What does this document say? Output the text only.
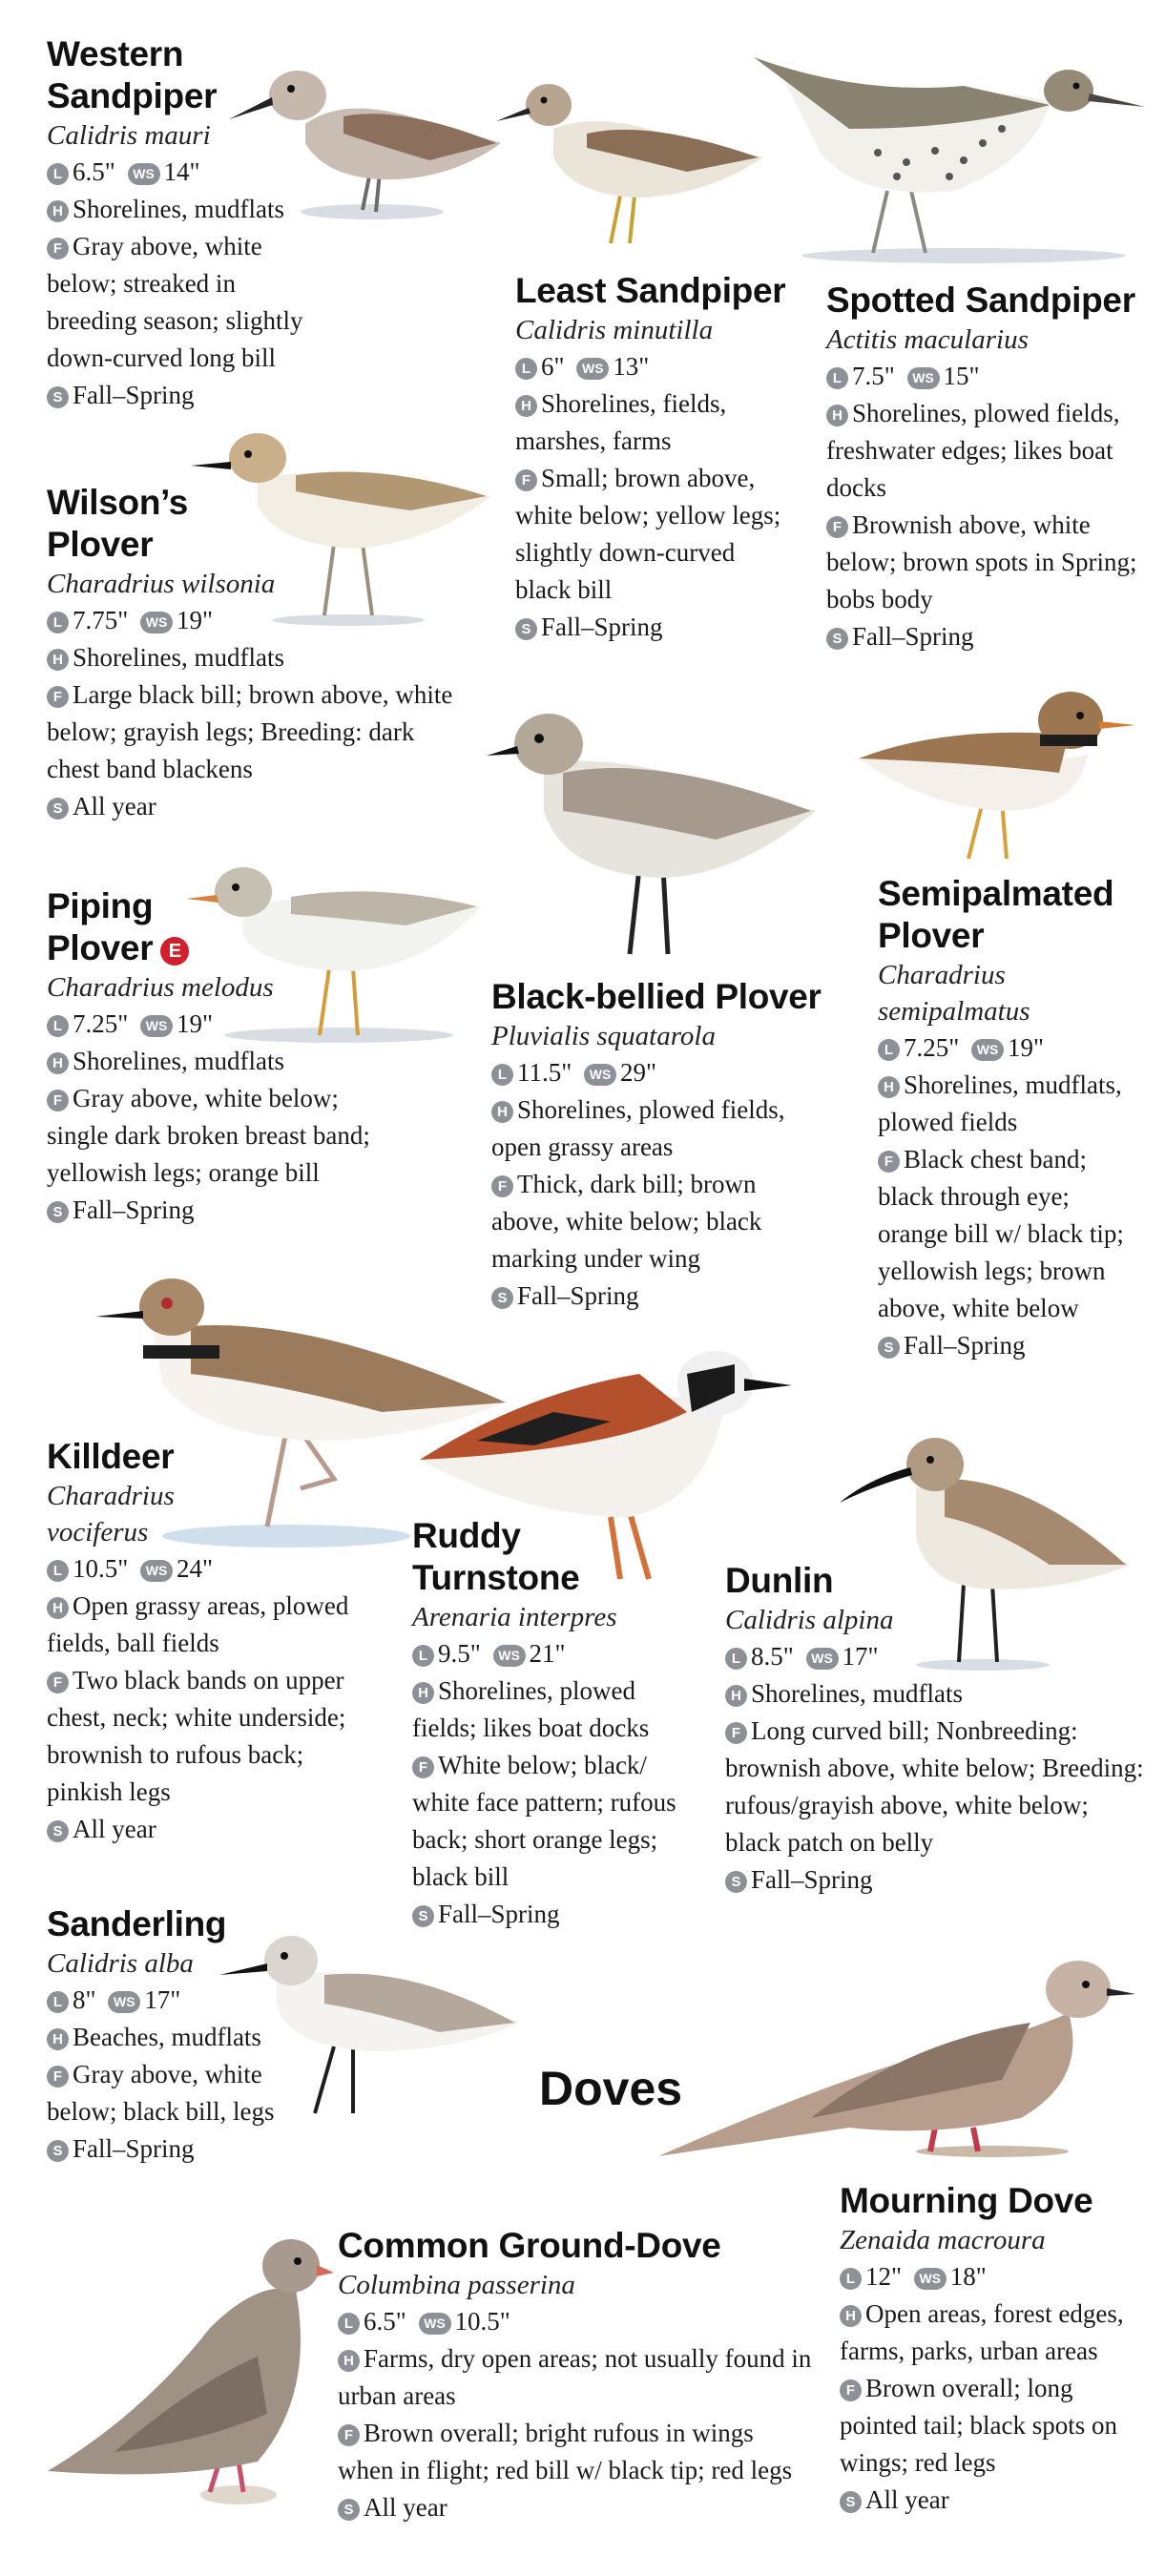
Doves
Western Sandpiper
Calidris mauri
L 6.5" WS 14"
H Shorelines, mudflats
F Gray above, white below; streaked in breeding season; slightly down-curved long bill
S Fall–Spring
Least Sandpiper
Calidris minutilla
L 6" WS 13"
H Shorelines, fields, marshes, farms
F Small; brown above, white below; yellow legs; slightly down-curved black bill
S Fall–Spring
Spotted Sandpiper
Actitis macularius
L 7.5" WS 15"
H Shorelines, plowed fields, freshwater edges; likes boat docks
F Brownish above, white below; brown spots in Spring; bobs body
S Fall–Spring
Wilson’s Plover
Charadrius wilsonia
L 7.75" WS 19"
H Shorelines, mudflats
F Large black bill; brown above, white below; grayish legs; Breeding: dark chest band blackens
S All year
Piping Plover E
Charadrius melodus
L 7.25" WS 19"
H Shorelines, mudflats
F Gray above, white below; single dark broken breast band; yellowish legs; orange bill
S Fall–Spring
Black-bellied Plover
Pluvialis squatarola
L 11.5" WS 29"
H Shorelines, plowed fields, open grassy areas
F Thick, dark bill; brown above, white below; black marking under wing
S Fall–Spring
Semipalmated Plover
Charadrius semipalmatus
L 7.25" WS 19"
H Shorelines, mudflats, plowed fields
F Black chest band; black through eye; orange bill w/ black tip; yellowish legs; brown above, white below
S Fall–Spring
Killdeer
Charadrius vociferus
L 10.5" WS 24"
H Open grassy areas, plowed fields, ball fields
F Two black bands on upper chest, neck; white underside; brownish to rufous back; pinkish legs
S All year
Ruddy Turnstone
Arenaria interpres
L 9.5" WS 21"
H Shorelines, plowed fields; likes boat docks
F White below; black/ white face pattern; rufous back; short orange legs; black bill
S Fall–Spring
Dunlin
Calidris alpina
L 8.5" WS 17"
H Shorelines, mudflats
F Long curved bill; Nonbreeding: brownish above, white below; Breeding: rufous/grayish above, white below; black patch on belly
S Fall–Spring
Sanderling
Calidris alba
L 8" WS 17"
H Beaches, mudflats
F Gray above, white below; black bill, legs
S Fall–Spring
Mourning Dove
Zenaida macroura
L 12" WS 18"
H Open areas, forest edges, farms, parks, urban areas
F Brown overall; long pointed tail; black spots on wings; red legs
S All year
Common Ground-Dove
Columbina passerina
L 6.5" WS 10.5"
H Farms, dry open areas; not usually found in urban areas
F Brown overall; bright rufous in wings when in flight; red bill w/ black tip; red legs
S All year
